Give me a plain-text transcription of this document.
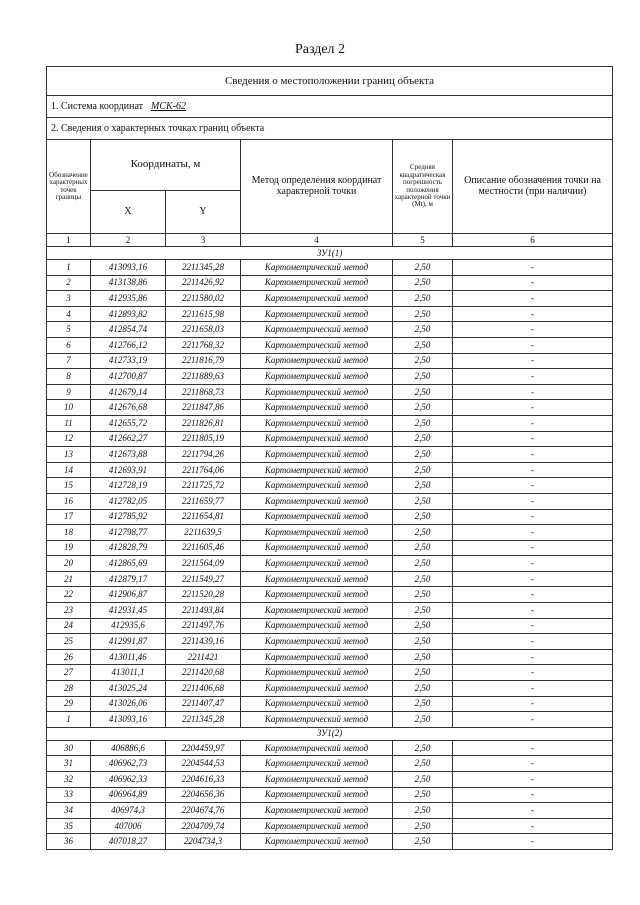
Раздел 2
Сведения о местоположении границ объекта					
1. Система координат МСК-62					
2. Сведения о характерных точках границ объекта					
Обозначение характерных точек границы	Координаты, м		Метод определения координат характерной точки	Средняя квадратическая погрешность положения характерной точки (Мt), м	Описание обозначения точки на местности (при наличии)
	X	Y			
1	2	3	4	5	6
ЗУ1(1)					
1	413093,16	2211345,28	Картометрический метод	2,50	-
2	413138,86	2211426,92	Картометрический метод	2,50	-
3	412935,86	2211580,02	Картометрический метод	2,50	-
4	412893,82	2211615,98	Картометрический метод	2,50	-
5	412854,74	2211658,03	Картометрический метод	2,50	-
6	412766,12	2211768,32	Картометрический метод	2,50	-
7	412733,19	2211816,79	Картометрический метод	2,50	-
8	412700,87	2211889,63	Картометрический метод	2,50	-
9	412679,14	2211868,73	Картометрический метод	2,50	-
10	412676,68	2211847,86	Картометрический метод	2,50	-
11	412655,72	2211826,81	Картометрический метод	2,50	-
12	412662,27	2211805,19	Картометрический метод	2,50	-
13	412673,88	2211794,26	Картометрический метод	2,50	-
14	412693,91	2211764,06	Картометрический метод	2,50	-
15	412728,19	2211725,72	Картометрический метод	2,50	-
16	412782,05	2211659,77	Картометрический метод	2,50	-
17	412785,92	2211654,81	Картометрический метод	2,50	-
18	412798,77	2211639,5	Картометрический метод	2,50	-
19	412828,79	2211605,46	Картометрический метод	2,50	-
20	412865,69	2211564,09	Картометрический метод	2,50	-
21	412879,17	2211549,27	Картометрический метод	2,50	-
22	412906,87	2211520,28	Картометрический метод	2,50	-
23	412931,45	2211493,84	Картометрический метод	2,50	-
24	412935,6	2211497,76	Картометрический метод	2,50	-
25	412991,87	2211439,16	Картометрический метод	2,50	-
26	413011,46	2211421	Картометрический метод	2,50	-
27	413011,1	2211420,68	Картометрический метод	2,50	-
28	413025,24	2211406,68	Картометрический метод	2,50	-
29	413026,06	2211407,47	Картометрический метод	2,50	-
1	413093,16	2211345,28	Картометрический метод	2,50	-
ЗУ1(2)					
30	406886,6	2204459,97	Картометрический метод	2,50	-
31	406962,73	2204544,53	Картометрический метод	2,50	-
32	406962,33	2204616,33	Картометрический метод	2,50	-
33	406964,89	2204656,36	Картометрический метод	2,50	-
34	406974,3	2204674,76	Картометрический метод	2,50	-
35	407006	2204709,74	Картометрический метод	2,50	-
36	407018,27	2204734,3	Картометрический метод	2,50	-
